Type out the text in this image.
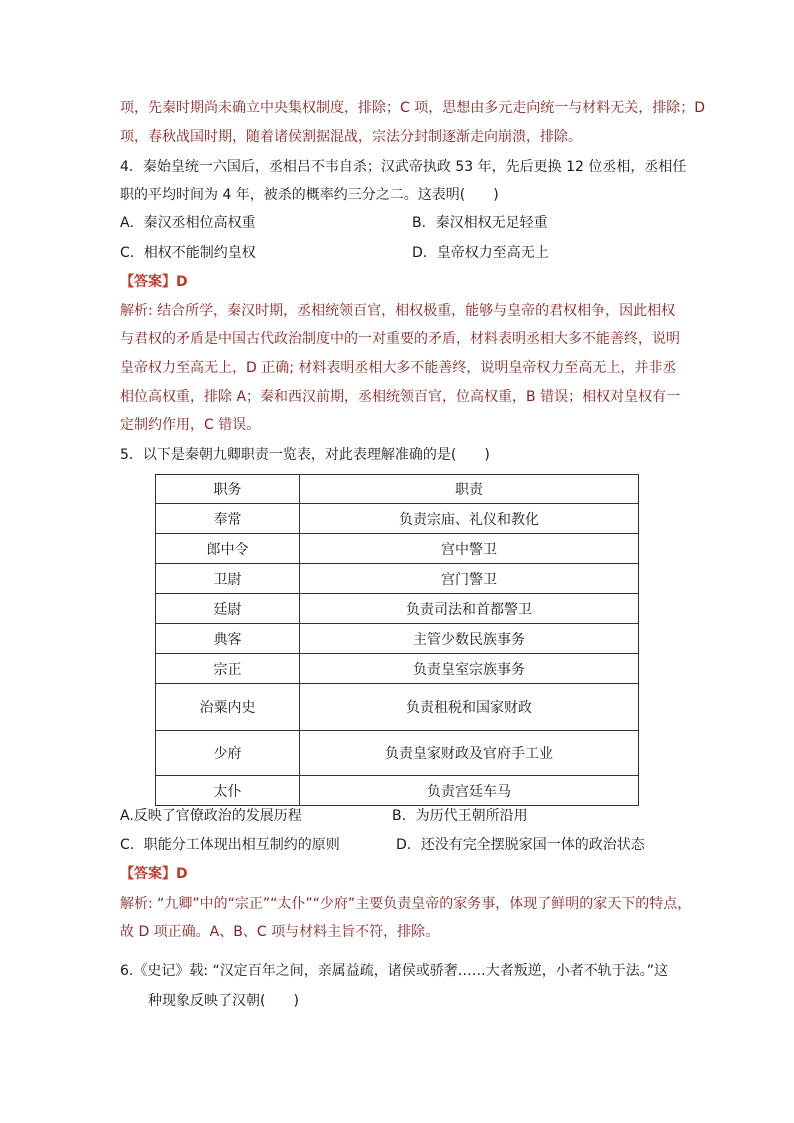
项，先秦时期尚未确立中央集权制度，排除；C 项，思想由多元走向统一与材料无关，排除；D
项，春秋战国时期，随着诸侯割据混战，宗法分封制逐渐走向崩溃，排除。
4．秦始皇统一六国后，丞相吕不韦自杀；汉武帝执政 53 年，先后更换 12 位丞相，丞相任
职的平均时间为 4 年，被杀的概率约三分之二。这表明(　　)
A．秦汉丞相位高权重	B．秦汉相权无足轻重
C．相权不能制约皇权	D．皇帝权力至高无上
【答案】D
解析: 结合所学，秦汉时期，丞相统领百官，相权极重，能够与皇帝的君权相争，因此相权
与君权的矛盾是中国古代政治制度中的一对重要的矛盾，材料表明丞相大多不能善终，说明
皇帝权力至高无上，D 正确; 材料表明丞相大多不能善终，说明皇帝权力至高无上，并非丞
相位高权重，排除 A；秦和西汉前期，丞相统领百官，位高权重，B 错误；相权对皇权有一
定制约作用，C 错误。
5．以下是秦朝九卿职责一览表，对此表理解准确的是(　　)
职务	职责
奉常	负责宗庙、礼仪和教化
郎中令	宫中警卫
卫尉	宫门警卫
廷尉	负责司法和首都警卫
典客	主管少数民族事务
宗正	负责皇室宗族事务
治粟内史	负责租税和国家财政
少府	负责皇家财政及官府手工业
太仆	负责宫廷车马
A.反映了官僚政治的发展历程	B．为历代王朝所沿用
C．职能分工体现出相互制约的原则	D．还没有完全摆脱家国一体的政治状态
【答案】D
解析: “九卿”中的“宗正”“太仆”“少府”主要负责皇帝的家务事，体现了鲜明的家天下的特点，
故 D 项正确。A、B、C 项与材料主旨不符，排除。
6.《史记》载: “汉定百年之间，亲属益疏，诸侯或骄奢……大者叛逆，小者不轨于法。”这
种现象反映了汉朝(　　)
